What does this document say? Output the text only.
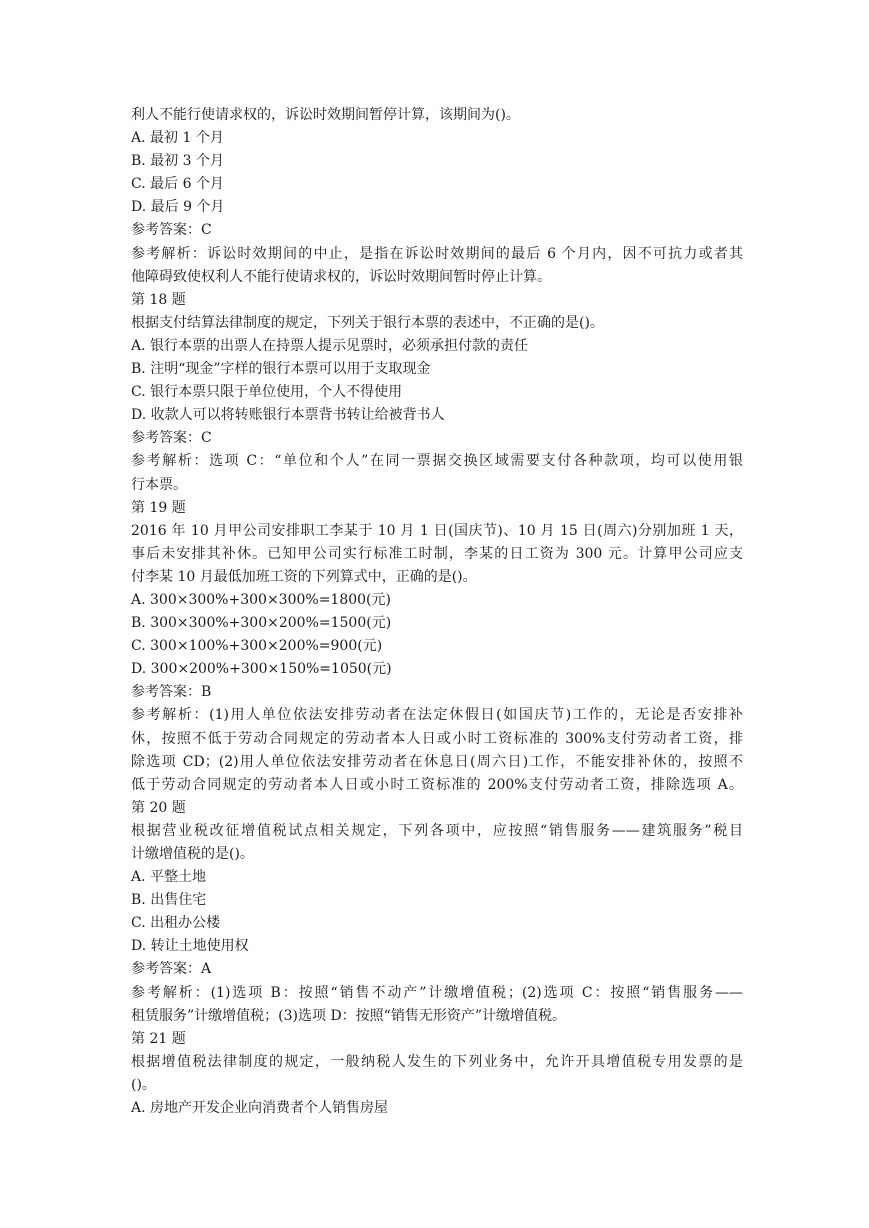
利人不能行使请求权的，诉讼时效期间暂停计算，该期间为()。
A. 最初 1 个月
B. 最初 3 个月
C. 最后 6 个月
D. 最后 9 个月
参考答案：C
参考解析：诉讼时效期间的中止，是指在诉讼时效期间的最后 6 个月内，因不可抗力或者其
他障碍致使权利人不能行使请求权的，诉讼时效期间暂时停止计算。
第 18 题
根据支付结算法律制度的规定，下列关于银行本票的表述中，不正确的是()。
A. 银行本票的出票人在持票人提示见票时，必须承担付款的责任
B. 注明“现金”字样的银行本票可以用于支取现金
C. 银行本票只限于单位使用，个人不得使用
D. 收款人可以将转账银行本票背书转让给被背书人
参考答案：C
参考解析：选项 C：“单位和个人”在同一票据交换区域需要支付各种款项，均可以使用银
行本票。
第 19 题
2016 年 10 月甲公司安排职工李某于 10 月 1 日(国庆节)、10 月 15 日(周六)分别加班 1 天，
事后未安排其补休。已知甲公司实行标准工时制，李某的日工资为 300 元。计算甲公司应支
付李某 10 月最低加班工资的下列算式中，正确的是()。
A. 300×300%+300×300%=1800(元)
B. 300×300%+300×200%=1500(元)
C. 300×100%+300×200%=900(元)
D. 300×200%+300×150%=1050(元)
参考答案：B
参考解析：(1)用人单位依法安排劳动者在法定休假日(如国庆节)工作的，无论是否安排补
休，按照不低于劳动合同规定的劳动者本人日或小时工资标准的 300%支付劳动者工资，排
除选项 CD；(2)用人单位依法安排劳动者在休息日(周六日)工作，不能安排补休的，按照不
低于劳动合同规定的劳动者本人日或小时工资标准的 200%支付劳动者工资，排除选项 A。
第 20 题
根据营业税改征增值税试点相关规定，下列各项中，应按照“销售服务——建筑服务”税目
计缴增值税的是()。
A. 平整土地
B. 出售住宅
C. 出租办公楼
D. 转让土地使用权
参考答案：A
参考解析：(1)选项 B：按照“销售不动产”计缴增值税；(2)选项 C：按照“销售服务——
租赁服务”计缴增值税；(3)选项 D：按照“销售无形资产”计缴增值税。
第 21 题
根据增值税法律制度的规定，一般纳税人发生的下列业务中，允许开具增值税专用发票的是
()。
A. 房地产开发企业向消费者个人销售房屋
